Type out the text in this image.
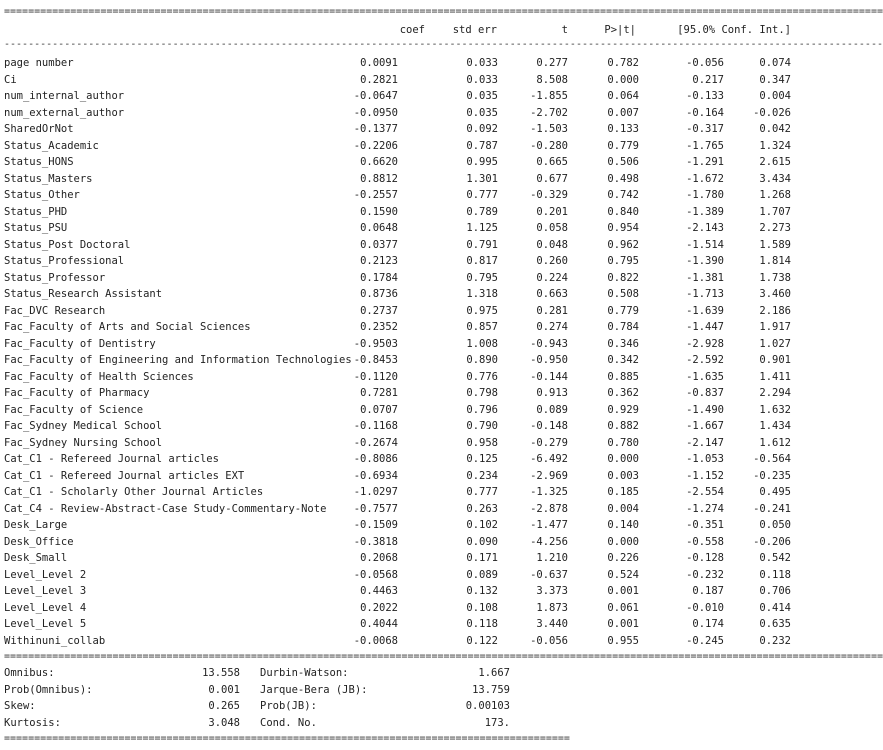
==================================================================================================================================================
coef	std err	t	P>|t|	[95.0% Conf. Int.]
--------------------------------------------------------------------------------------------------------------------------------------------------
page number	0.0091	0.033	0.277	0.782	-0.056	0.074
Ci	0.2821	0.033	8.508	0.000	0.217	0.347
num_internal_author	-0.0647	0.035	-1.855	0.064	-0.133	0.004
num_external_author	-0.0950	0.035	-2.702	0.007	-0.164	-0.026
SharedOrNot	-0.1377	0.092	-1.503	0.133	-0.317	0.042
Status_Academic	-0.2206	0.787	-0.280	0.779	-1.765	1.324
Status_HONS	0.6620	0.995	0.665	0.506	-1.291	2.615
Status_Masters	0.8812	1.301	0.677	0.498	-1.672	3.434
Status_Other	-0.2557	0.777	-0.329	0.742	-1.780	1.268
Status_PHD	0.1590	0.789	0.201	0.840	-1.389	1.707
Status_PSU	0.0648	1.125	0.058	0.954	-2.143	2.273
Status_Post Doctoral	0.0377	0.791	0.048	0.962	-1.514	1.589
Status_Professional	0.2123	0.817	0.260	0.795	-1.390	1.814
Status_Professor	0.1784	0.795	0.224	0.822	-1.381	1.738
Status_Research Assistant	0.8736	1.318	0.663	0.508	-1.713	3.460
Fac_DVC Research	0.2737	0.975	0.281	0.779	-1.639	2.186
Fac_Faculty of Arts and Social Sciences	0.2352	0.857	0.274	0.784	-1.447	1.917
Fac_Faculty of Dentistry	-0.9503	1.008	-0.943	0.346	-2.928	1.027
Fac_Faculty of Engineering and Information Technologies -0.8453	0.890	-0.950	0.342	-2.592	0.901
Fac_Faculty of Health Sciences	-0.1120	0.776	-0.144	0.885	-1.635	1.411
Fac_Faculty of Pharmacy	0.7281	0.798	0.913	0.362	-0.837	2.294
Fac_Faculty of Science	0.0707	0.796	0.089	0.929	-1.490	1.632
Fac_Sydney Medical School	-0.1168	0.790	-0.148	0.882	-1.667	1.434
Fac_Sydney Nursing School	-0.2674	0.958	-0.279	0.780	-2.147	1.612
Cat_C1 - Refereed Journal articles	-0.8086	0.125	-6.492	0.000	-1.053	-0.564
Cat_C1 - Refereed Journal articles EXT	-0.6934	0.234	-2.969	0.003	-1.152	-0.235
Cat_C1 - Scholarly Other Journal Articles	-1.0297	0.777	-1.325	0.185	-2.554	0.495
Cat_C4 - Review-Abstract-Case Study-Commentary-Note	-0.7577	0.263	-2.878	0.004	-1.274	-0.241
Desk_Large	-0.1509	0.102	-1.477	0.140	-0.351	0.050
Desk_Office	-0.3818	0.090	-4.256	0.000	-0.558	-0.206
Desk_Small	0.2068	0.171	1.210	0.226	-0.128	0.542
Level_Level 2	-0.0568	0.089	-0.637	0.524	-0.232	0.118
Level_Level 3	0.4463	0.132	3.373	0.001	0.187	0.706
Level_Level 4	0.2022	0.108	1.873	0.061	-0.010	0.414
Level_Level 5	0.4044	0.118	3.440	0.001	0.174	0.635
Withinuni_collab	-0.0068	0.122	-0.056	0.955	-0.245	0.232
==================================================================================================================================================
Omnibus:	13.558 Durbin-Watson:	1.667
Prob(Omnibus):	0.001 Jarque-Bera (JB):	13.759
Skew:	0.265 Prob(JB):	0.00103
Kurtosis:	3.048 Cond. No.	173.
==============================================================================================
